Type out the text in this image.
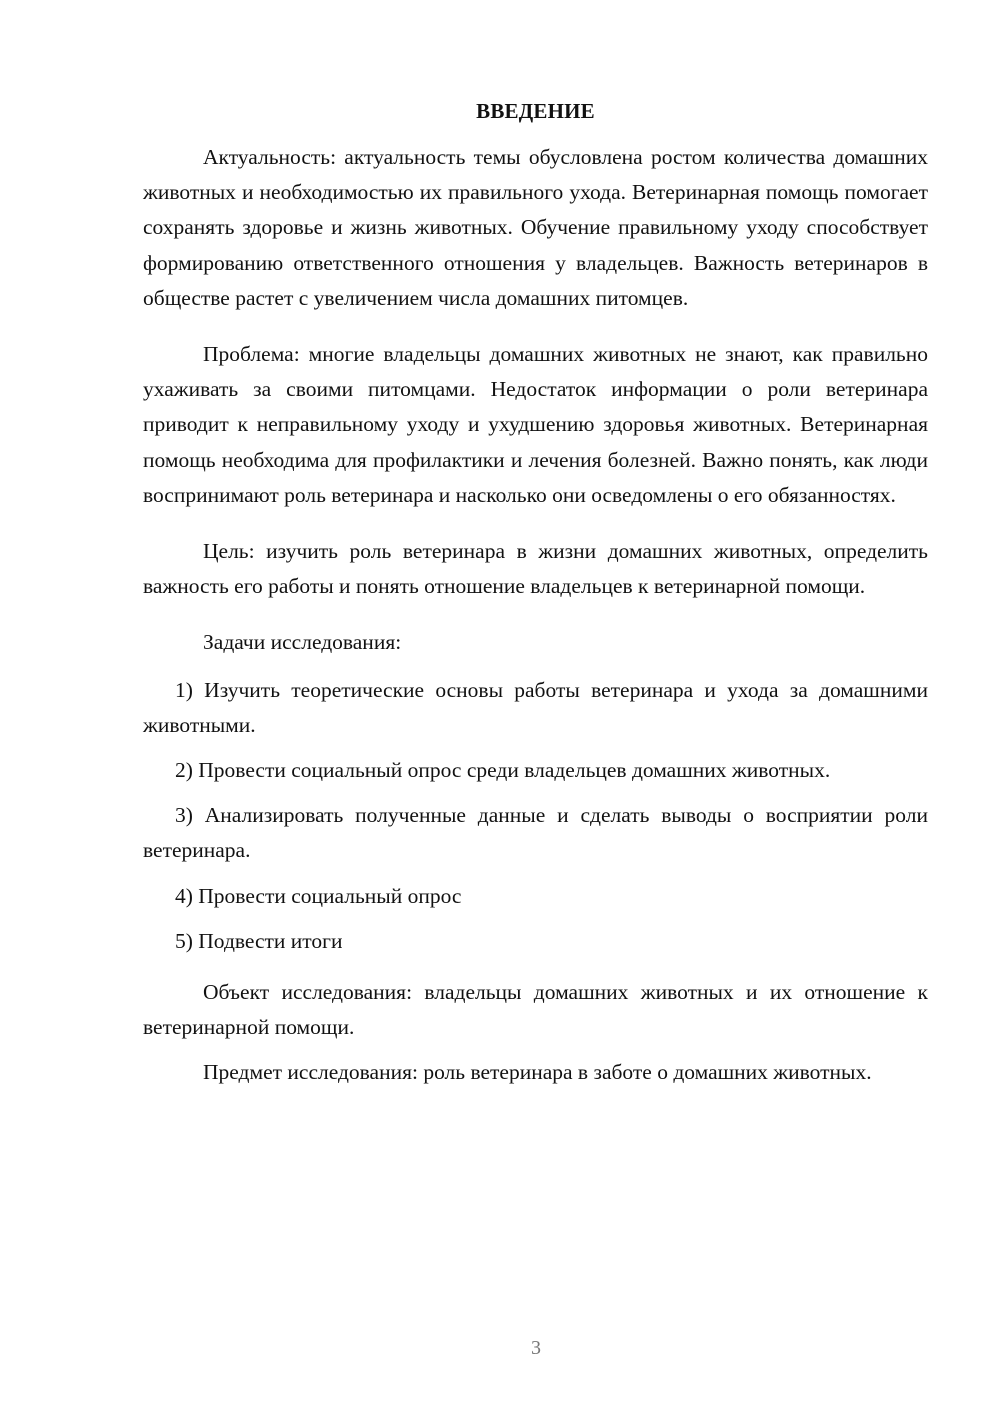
ВВЕДЕНИЕ

Актуальность: актуальность темы обусловлена ростом количества домашних животных и необходимостью их правильного ухода. Ветеринарная помощь помогает сохранять здоровье и жизнь животных. Обучение правильному уходу способствует формированию ответственного отношения у владельцев. Важность ветеринаров в обществе растет с увеличением числа домашних питомцев.

Проблема: многие владельцы домашних животных не знают, как правильно ухаживать за своими питомцами. Недостаток информации о роли ветеринара приводит к неправильному уходу и ухудшению здоровья животных. Ветеринарная помощь необходима для профилактики и лечения болезней. Важно понять, как люди воспринимают роль ветеринара и насколько они осведомлены о его обязанностях.

Цель: изучить роль ветеринара в жизни домашних животных, определить важность его работы и понять отношение владельцев к ветеринарной помощи.

Задачи исследования:

1) Изучить теоретические основы работы ветеринара и ухода за домашними животными.

2) Провести социальный опрос среди владельцев домашних животных.

3) Анализировать полученные данные и сделать выводы о восприятии роли ветеринара.

4) Провести социальный опрос

5) Подвести итоги

Объект исследования: владельцы домашних животных и их отношение к ветеринарной помощи.

Предмет исследования: роль ветеринара в заботе о домашних животных.

3
